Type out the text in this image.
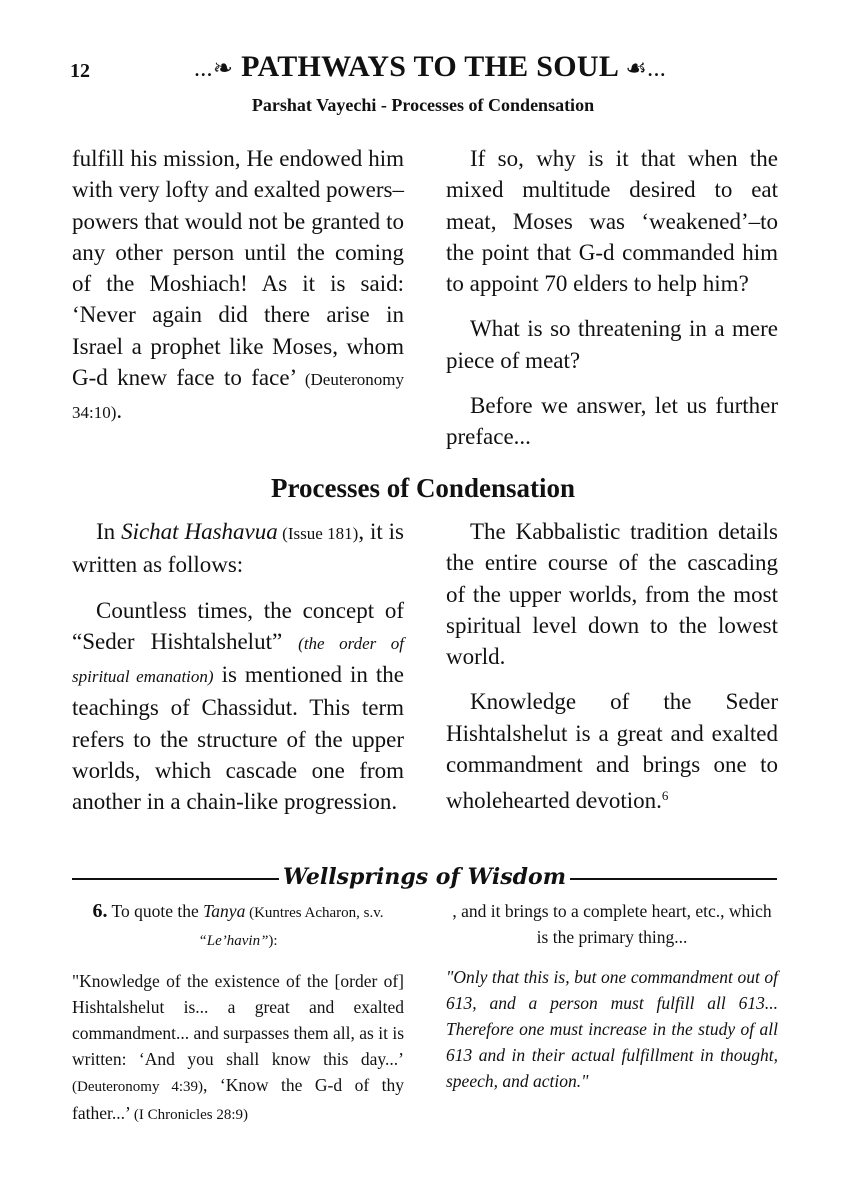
12	...❧ PATHWAYS TO THE SOUL ☙...
Parshat Vayechi - Processes of Condensation

fulfill his mission, He endowed him with very lofty and exalted powers–powers that would not be granted to any other person until the coming of the Moshiach! As it is said: ‘Never again did there arise in Israel a prophet like Moses, whom G-d knew face to face’ (Deuteronomy 34:10).

If so, why is it that when the mixed multitude desired to eat meat, Moses was ‘weakened’–to the point that G-d commanded him to appoint 70 elders to help him?

What is so threatening in a mere piece of meat?

Before we answer, let us further preface...

Processes of Condensation

In Sichat Hashavua (Issue 181), it is written as follows:

Countless times, the concept of “Seder Hishtalshelut” (the order of spiritual emanation) is mentioned in the teachings of Chassidut. This term refers to the structure of the upper worlds, which cascade one from another in a chain-like progression.

The Kabbalistic tradition details the entire course of the cascading of the upper worlds, from the most spiritual level down to the lowest world.

Knowledge of the Seder Hishtalshelut is a great and exalted commandment and brings one to wholehearted devotion.$^6$

Wellsprings of Wisdom

6. To quote the Tanya (Kuntres Acharon, s.v. “Le’havin”):

"Knowledge of the existence of the [order of] Hishtalshelut is... a great and exalted commandment... and surpasses them all, as it is written: ‘And you shall know this day...’ (Deuteronomy 4:39), ‘Know the G-d of thy father...’ (I Chronicles 28:9)

, and it brings to a complete heart, etc., which is the primary thing...

"Only that this is, but one commandment out of 613, and a person must fulfill all 613... Therefore one must increase in the study of all 613 and in their actual fulfillment in thought, speech, and action."
